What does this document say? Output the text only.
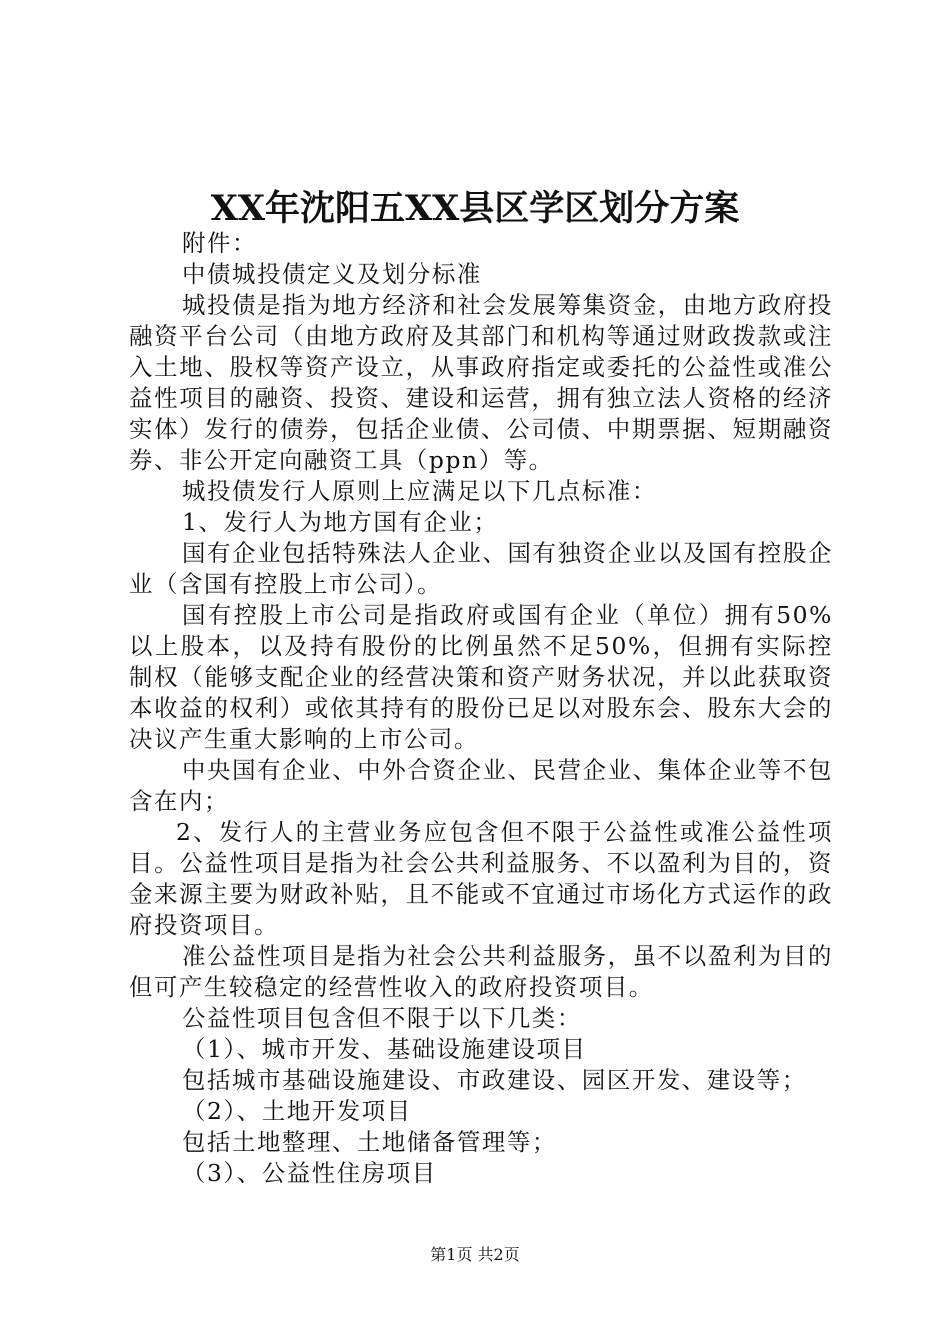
XX年沈阳五XX县区学区划分方案

附件：

中债城投债定义及划分标准

城投债是指为地方经济和社会发展筹集资金，由地方政府投融资平台公司（由地方政府及其部门和机构等通过财政拨款或注入土地、股权等资产设立，从事政府指定或委托的公益性或准公益性项目的融资、投资、建设和运营，拥有独立法人资格的经济实体）发行的债券，包括企业债、公司债、中期票据、短期融资券、非公开定向融资工具（ppn）等。

城投债发行人原则上应满足以下几点标准：

1、发行人为地方国有企业；

国有企业包括特殊法人企业、国有独资企业以及国有控股企业（含国有控股上市公司）。

国有控股上市公司是指政府或国有企业（单位）拥有50%以上股本，以及持有股份的比例虽然不足50%，但拥有实际控制权（能够支配企业的经营决策和资产财务状况，并以此获取资本收益的权利）或依其持有的股份已足以对股东会、股东大会的决议产生重大影响的上市公司。

中央国有企业、中外合资企业、民营企业、集体企业等不包含在内；

2、发行人的主营业务应包含但不限于公益性或准公益性项目。公益性项目是指为社会公共利益服务、不以盈利为目的，资金来源主要为财政补贴，且不能或不宜通过市场化方式运作的政府投资项目。

准公益性项目是指为社会公共利益服务，虽不以盈利为目的但可产生较稳定的经营性收入的政府投资项目。

公益性项目包含但不限于以下几类：

（1）、城市开发、基础设施建设项目

包括城市基础设施建设、市政建设、园区开发、建设等；

（2）、土地开发项目

包括土地整理、土地储备管理等；

（3）、公益性住房项目

第1页 共2页
